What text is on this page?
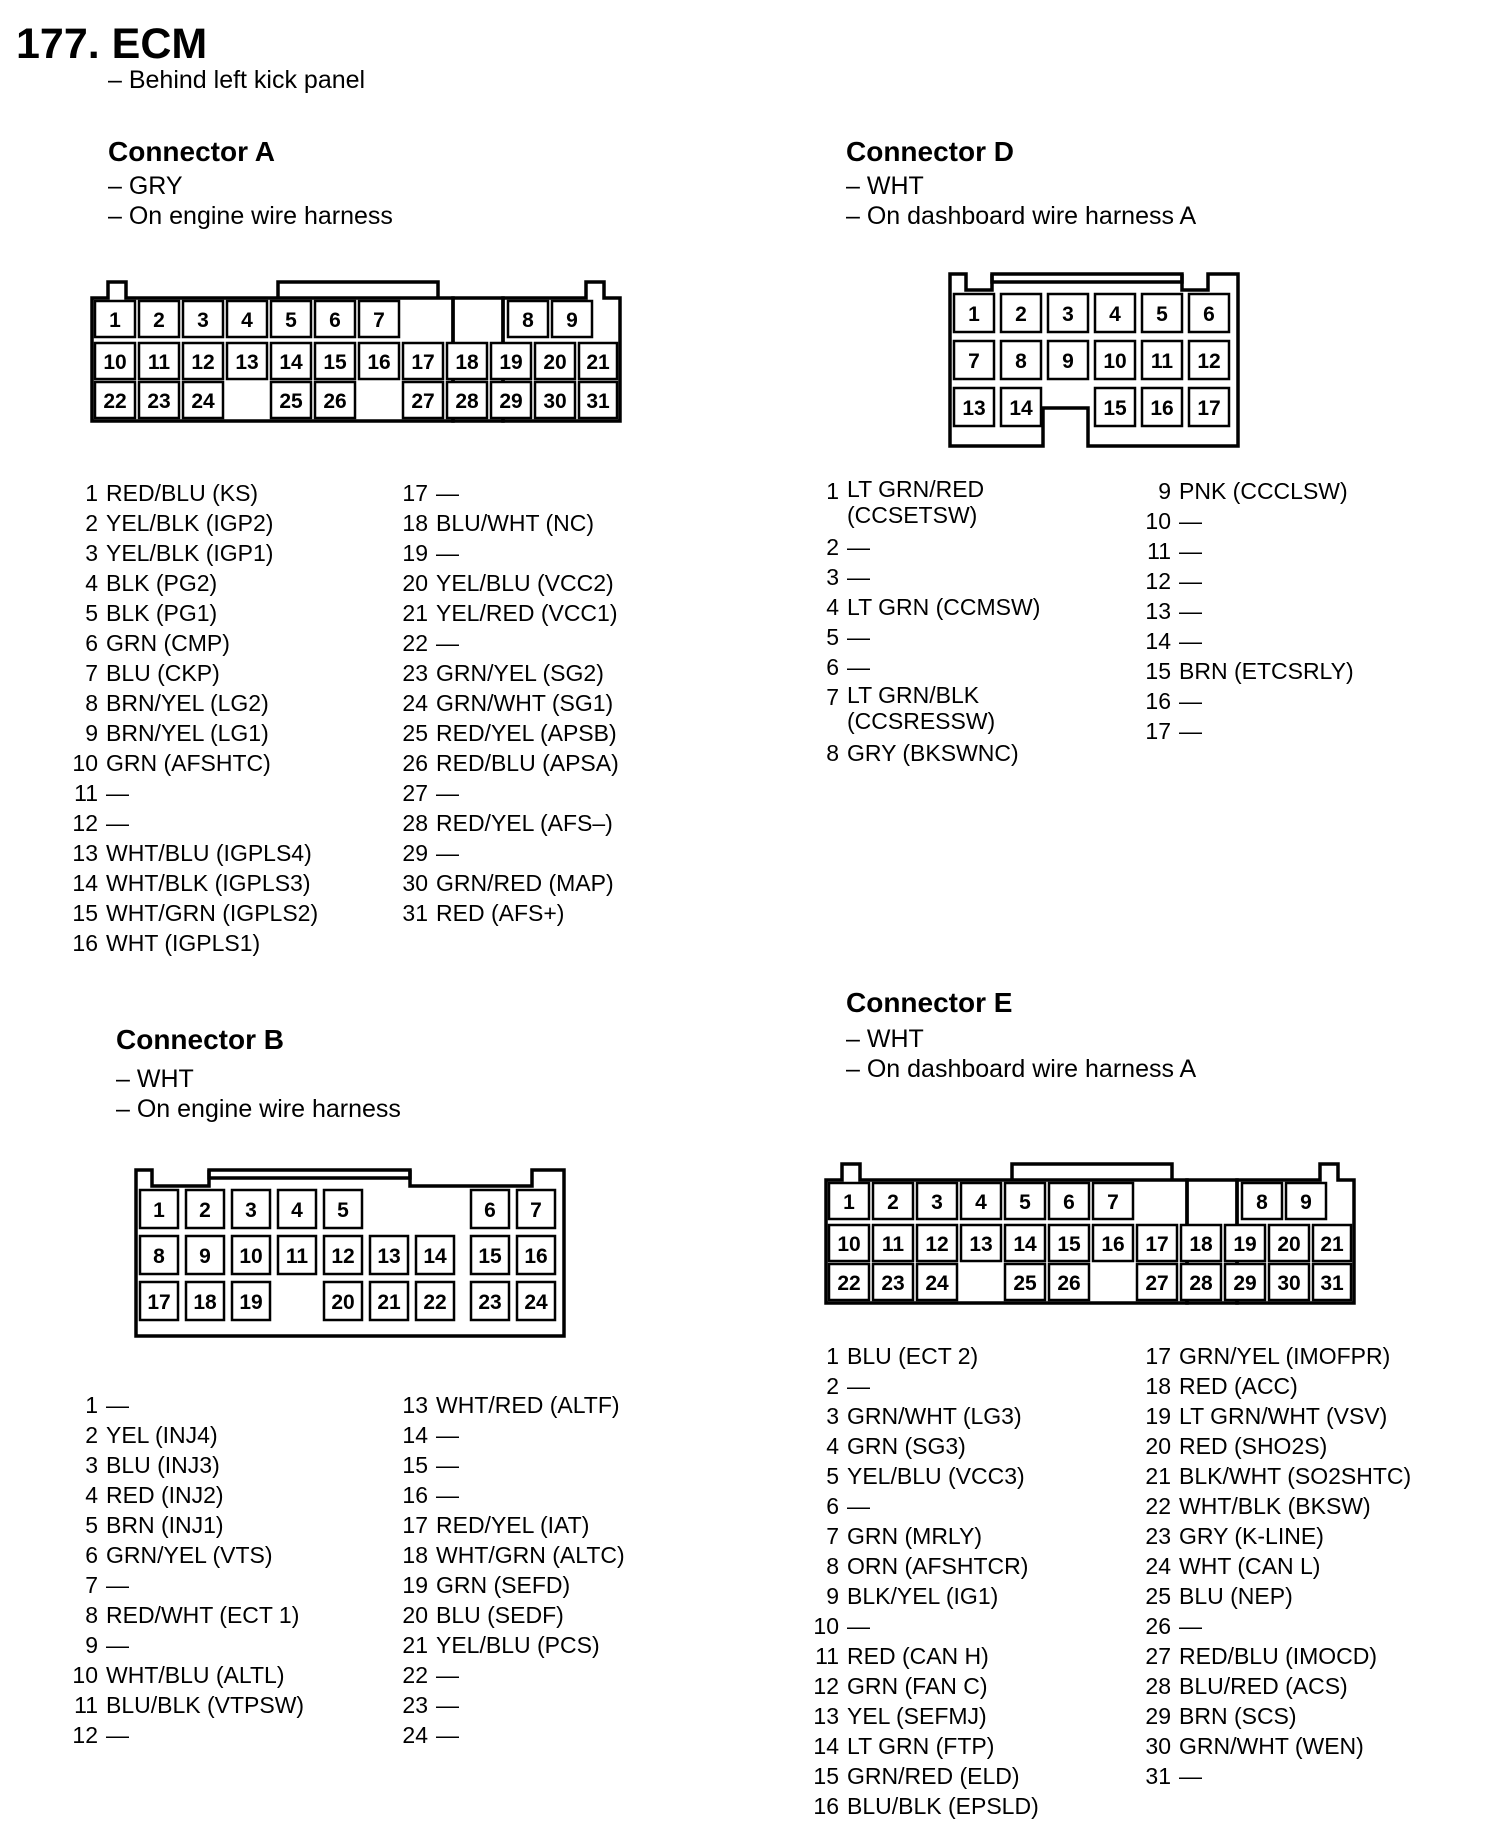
177. ECM
– Behind left kick panel
Connector A
– GRY
– On engine wire harness
Connector D
– WHT
– On dashboard wire harness A
Connector B
– WHT
– On engine wire harness
Connector E
– WHT
– On dashboard wire harness A
1 2 3 4 5 6 7	8 9
10 11 12 13 14 15 16 17 18 19 20 21
22 23 24	25 26	27 28 29 30 31
1 2 3 4 5 6
7 8 9 10 11 12
13 14	15 16 17
1 2 3 4 5	6 7
8 9 10 11 12 13 14 15 16
17 18 19	20 21 22 23 24
1 2 3 4 5 6 7	8 9
10 11 12 13 14 15 16 17 18 19 20 21
22 23 24	25 26	27 28 29 30 31
1 RED/BLU (KS)
2 YEL/BLK (IGP2)
3 YEL/BLK (IGP1)
4 BLK (PG2)
5 BLK (PG1)
6 GRN (CMP)
7 BLU (CKP)
8 BRN/YEL (LG2)
9 BRN/YEL (LG1)
10 GRN (AFSHTC)
11 —
12 —
13 WHT/BLU (IGPLS4)
14 WHT/BLK (IGPLS3)
15 WHT/GRN (IGPLS2)
16 WHT (IGPLS1)
17 —
18 BLU/WHT (NC)
19 —
20 YEL/BLU (VCC2)
21 YEL/RED (VCC1)
22 —
23 GRN/YEL (SG2)
24 GRN/WHT (SG1)
25 RED/YEL (APSB)
26 RED/BLU (APSA)
27 —
28 RED/YEL (AFS–)
29 —
30 GRN/RED (MAP)
31 RED (AFS+)
1 LT GRN/RED (CCSETSW)
2 —
3 —
4 LT GRN (CCMSW)
5 —
6 —
7 LT GRN/BLK (CCSRESSW)
8 GRY (BKSWNC)
9 PNK (CCCLSW)
10 —
11 —
12 —
13 —
14 —
15 BRN (ETCSRLY)
16 —
17 —
1 —
2 YEL (INJ4)
3 BLU (INJ3)
4 RED (INJ2)
5 BRN (INJ1)
6 GRN/YEL (VTS)
7 —
8 RED/WHT (ECT 1)
9 —
10 WHT/BLU (ALTL)
11 BLU/BLK (VTPSW)
12 —
13 WHT/RED (ALTF)
14 —
15 —
16 —
17 RED/YEL (IAT)
18 WHT/GRN (ALTC)
19 GRN (SEFD)
20 BLU (SEDF)
21 YEL/BLU (PCS)
22 —
23 —
24 —
1 BLU (ECT 2)
2 —
3 GRN/WHT (LG3)
4 GRN (SG3)
5 YEL/BLU (VCC3)
6 —
7 GRN (MRLY)
8 ORN (AFSHTCR)
9 BLK/YEL (IG1)
10 —
11 RED (CAN H)
12 GRN (FAN C)
13 YEL (SEFMJ)
14 LT GRN (FTP)
15 GRN/RED (ELD)
16 BLU/BLK (EPSLD)
17 GRN/YEL (IMOFPR)
18 RED (ACC)
19 LT GRN/WHT (VSV)
20 RED (SHO2S)
21 BLK/WHT (SO2SHTC)
22 WHT/BLK (BKSW)
23 GRY (K-LINE)
24 WHT (CAN L)
25 BLU (NEP)
26 —
27 RED/BLU (IMOCD)
28 BLU/RED (ACS)
29 BRN (SCS)
30 GRN/WHT (WEN)
31 —
